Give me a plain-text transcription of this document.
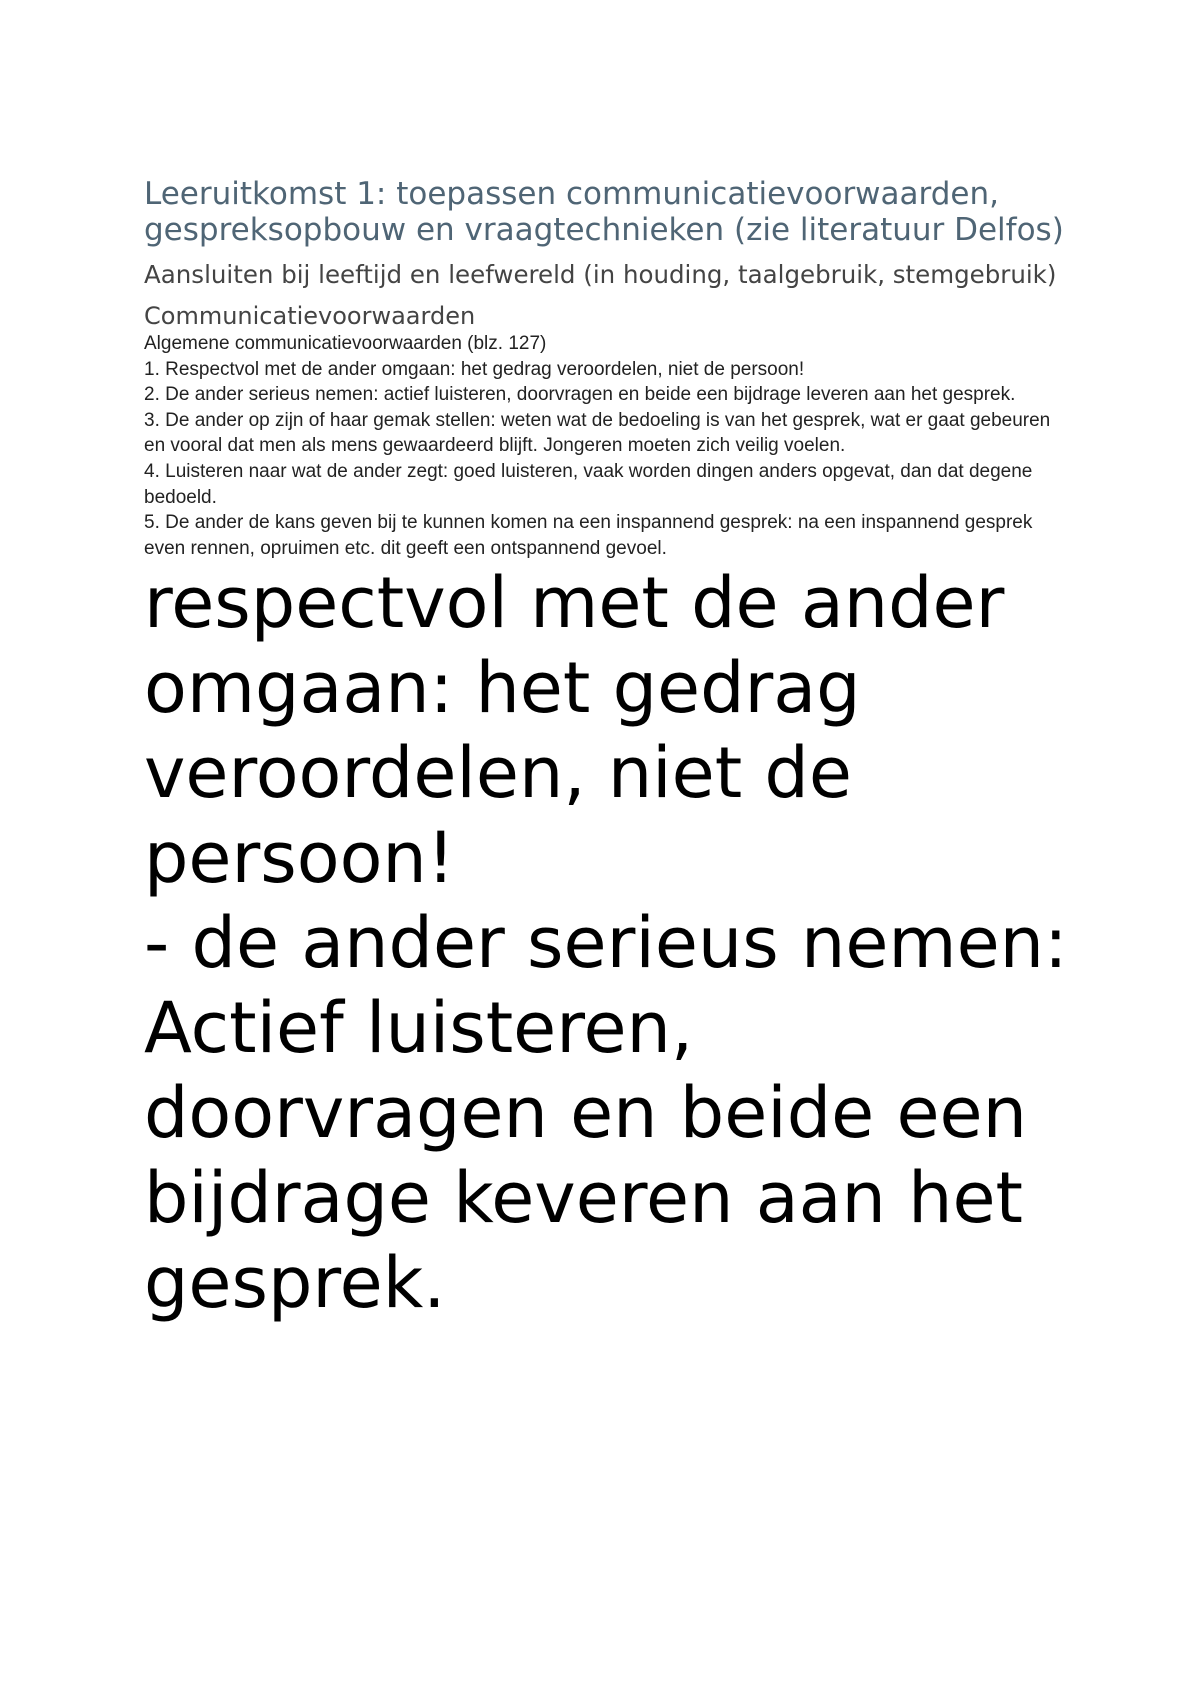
Leeruitkomst 1: toepassen communicatievoorwaarden, gespreksopbouw en vraagtechnieken (zie literatuur Delfos)
Aansluiten bij leeftijd en leefwereld (in houding, taalgebruik, stemgebruik)
Communicatievoorwaarden

Algemene communicatievoorwaarden (blz. 127)

1. Respectvol met de ander omgaan: het gedrag veroordelen, niet de persoon!

2. De ander serieus nemen: actief luisteren, doorvragen en beide een bijdrage leveren aan het gesprek.

3. De ander op zijn of haar gemak stellen: weten wat de bedoeling is van het gesprek, wat er gaat gebeuren en vooral dat men als mens gewaardeerd blijft. Jongeren moeten zich veilig voelen.

4. Luisteren naar wat de ander zegt: goed luisteren, vaak worden dingen anders opgevat, dan dat degene bedoeld.

5. De ander de kans geven bij te kunnen komen na een inspannend gesprek: na een inspannend gesprek even rennen, opruimen etc. dit geeft een ontspannend gevoel.

respectvol met de ander omgaan: het gedrag veroordelen, niet de persoon!

- de ander serieus nemen: Actief luisteren, doorvragen en beide een bijdrage keveren aan het gesprek.
